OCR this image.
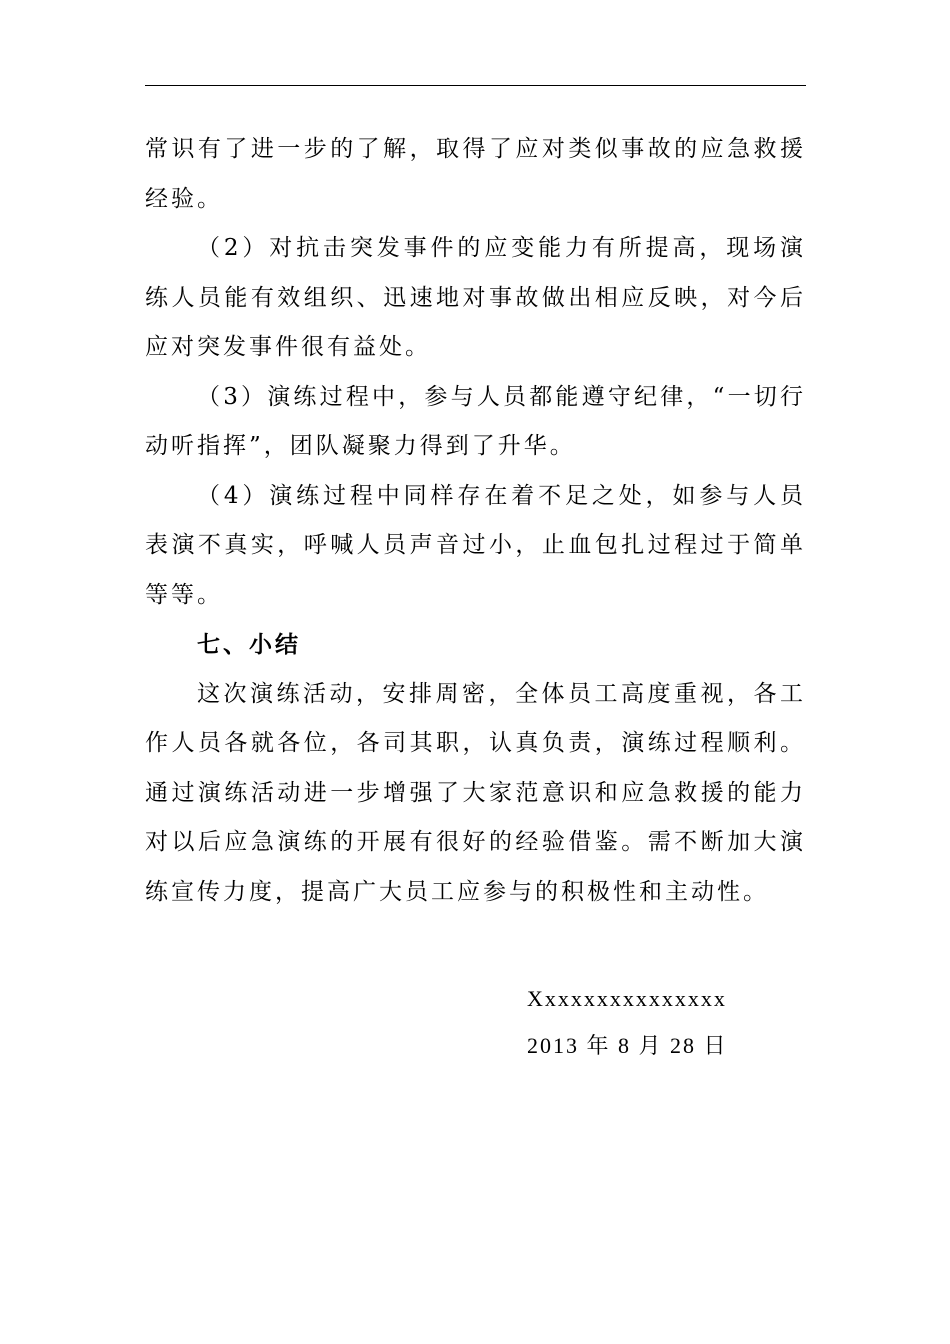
常识有了进一步的了解，取得了应对类似事故的应急救援经验。

（2）对抗击突发事件的应变能力有所提高，现场演练人员能有效组织、迅速地对事故做出相应反映，对今后应对突发事件很有益处。

（3）演练过程中，参与人员都能遵守纪律，“一切行动听指挥”，团队凝聚力得到了升华。

（4）演练过程中同样存在着不足之处，如参与人员表演不真实，呼喊人员声音过小，止血包扎过程过于简单等等。

七、小结

这次演练活动，安排周密，全体员工高度重视，各工作人员各就各位，各司其职，认真负责，演练过程顺利。通过演练活动进一步增强了大家范意识和应急救援的能力对以后应急演练的开展有很好的经验借鉴。需不断加大演练宣传力度，提高广大员工应参与的积极性和主动性。

Xxxxxxxxxxxxxxx
2013 年 8 月 28 日
